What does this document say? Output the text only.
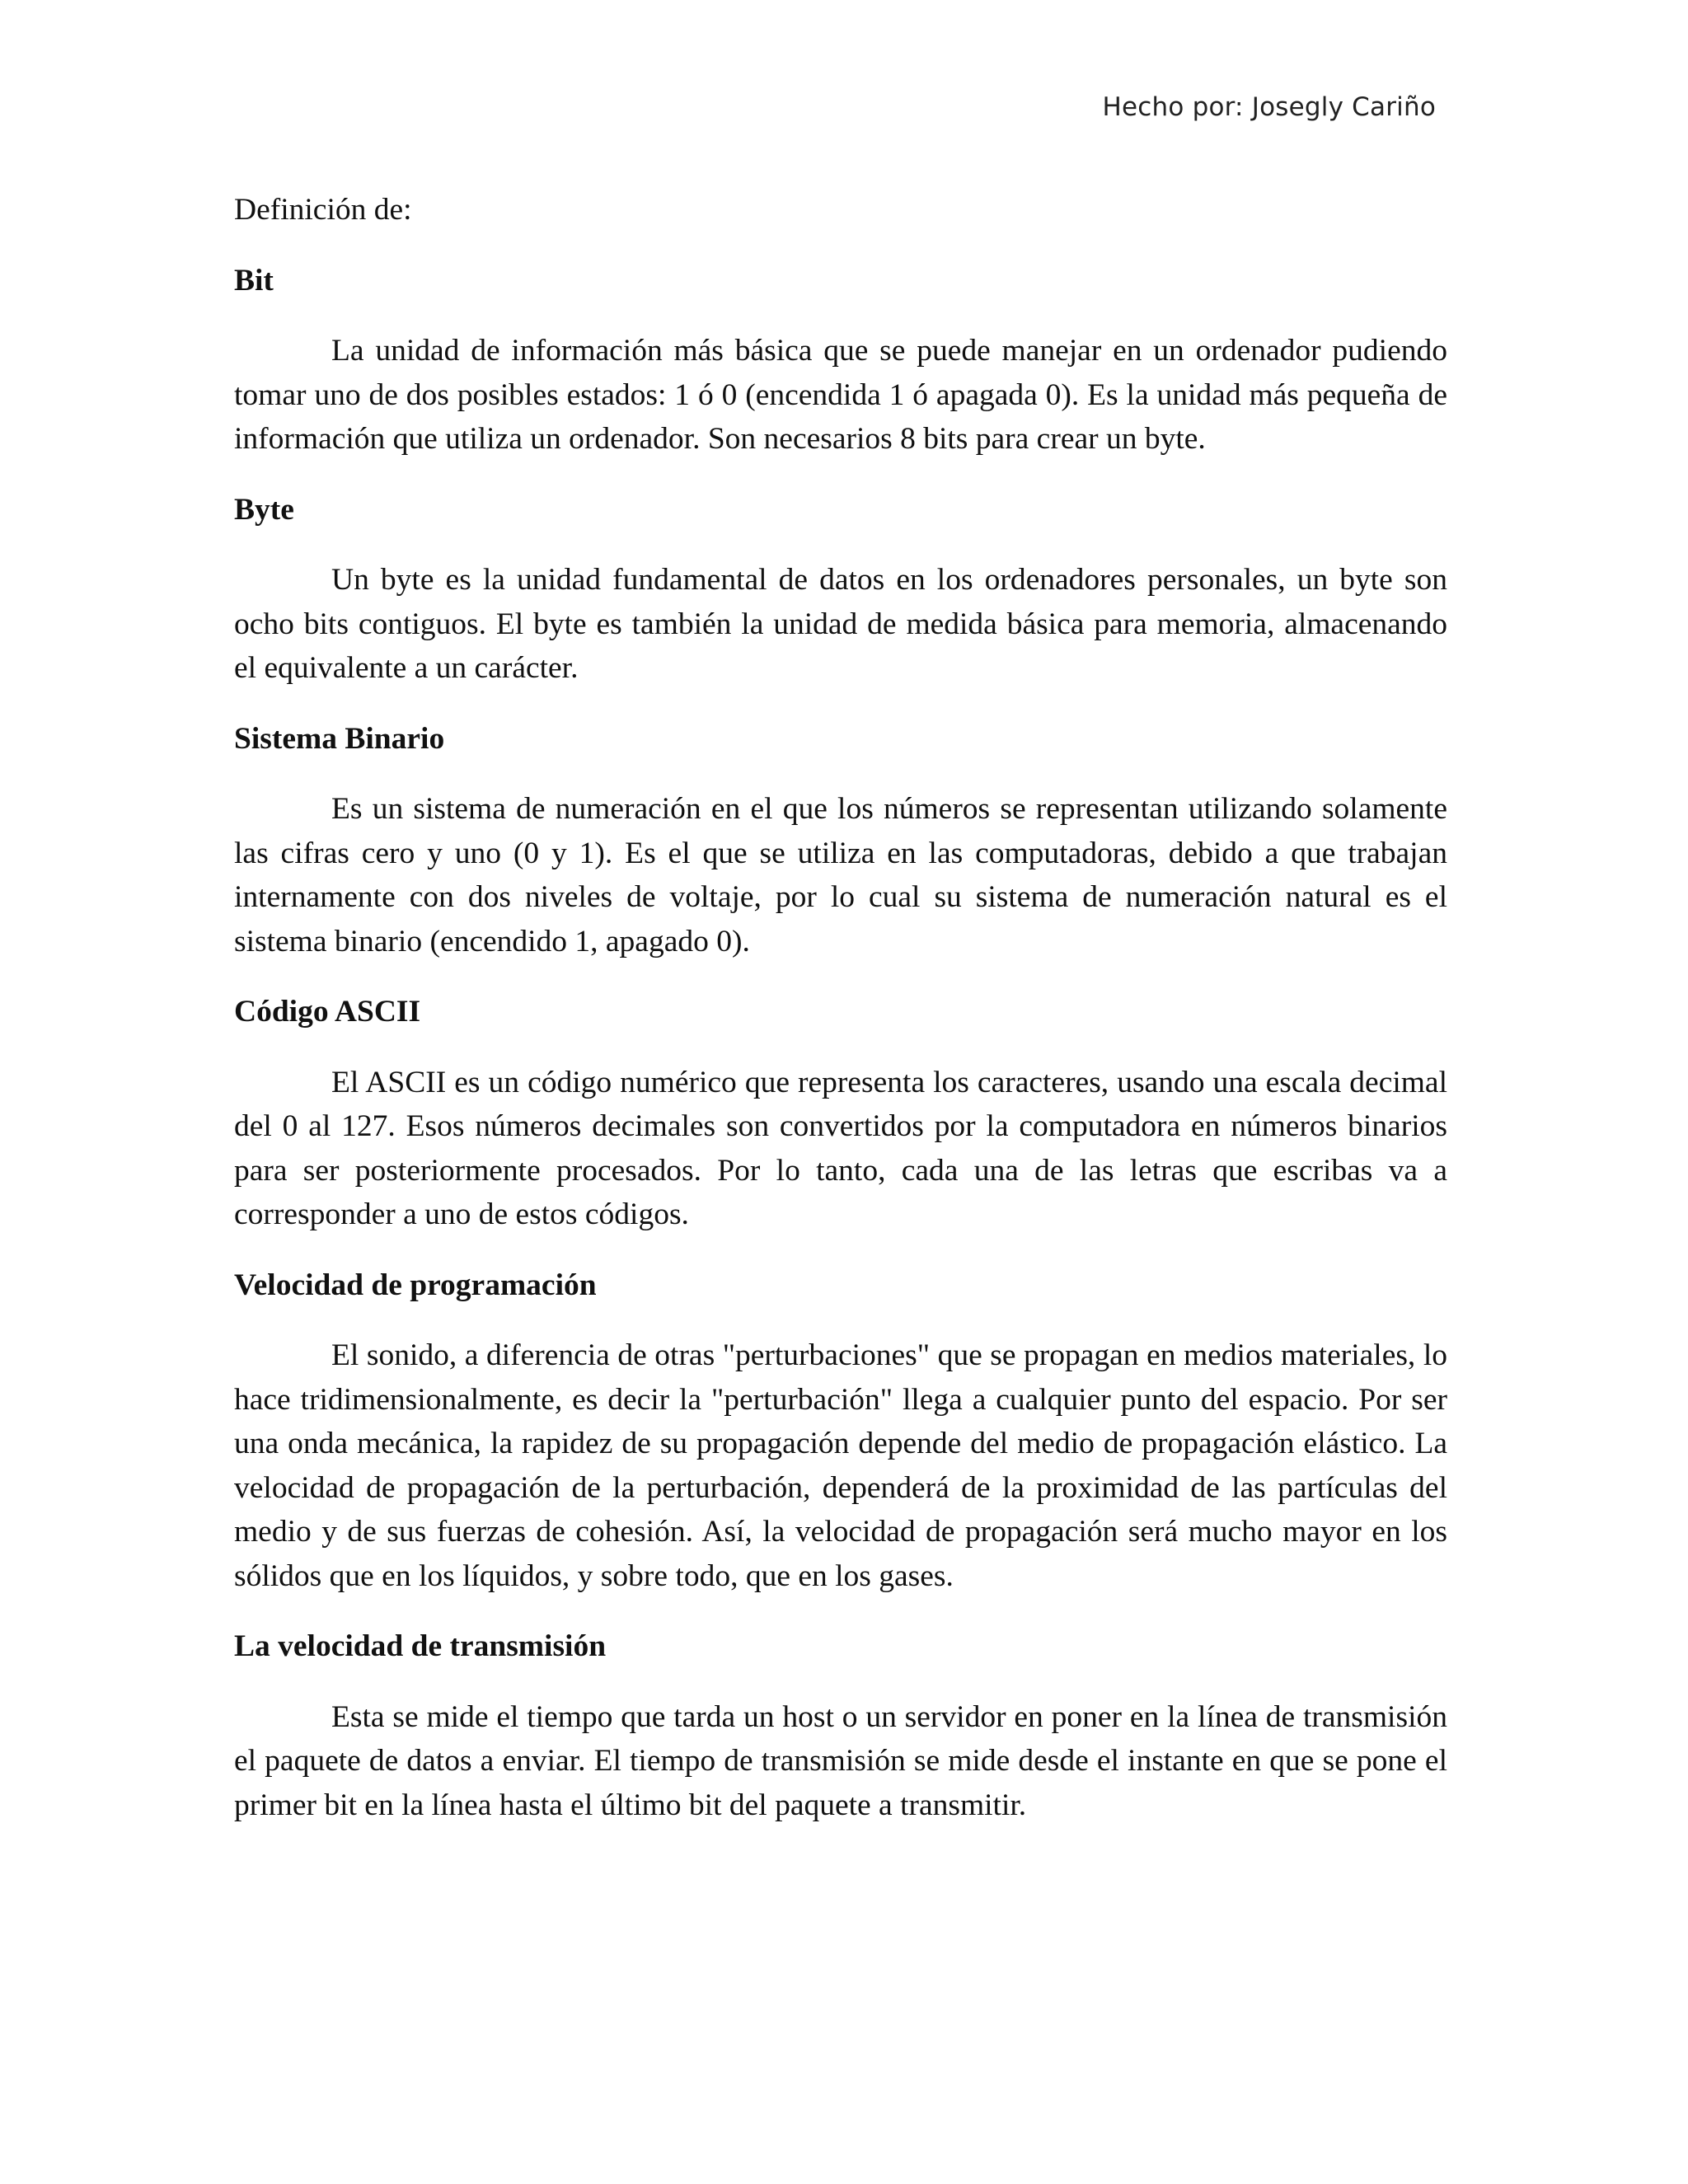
Hecho por: Josegly Cariño

Definición de:

Bit

La unidad de información más básica que se puede manejar en un ordenador pudiendo tomar uno de dos posibles estados: 1 ó 0 (encendida 1 ó apagada 0). Es la unidad más pequeña de información que utiliza un ordenador. Son necesarios 8 bits para crear un byte.

Byte

Un byte es la unidad fundamental de datos en los ordenadores personales, un byte son ocho bits contiguos. El byte es también la unidad de medida básica para memoria, almacenando el equivalente a un carácter.

Sistema Binario

Es un sistema de numeración en el que los números se representan utilizando solamente las cifras cero y uno (0 y 1). Es el que se utiliza en las computadoras, debido a que trabajan internamente con dos niveles de voltaje, por lo cual su sistema de numeración natural es el sistema binario (encendido 1, apagado 0).

Código ASCII

El ASCII es un código numérico que representa los caracteres, usando una escala decimal del 0 al 127. Esos números decimales son convertidos por la computadora en números binarios para ser posteriormente procesados. Por lo tanto, cada una de las letras que escribas va a corresponder a uno de estos códigos.

Velocidad de programación

El sonido, a diferencia de otras "perturbaciones" que se propagan en medios materiales, lo hace tridimensionalmente, es decir la "perturbación" llega a cualquier punto del espacio. Por ser una onda mecánica, la rapidez de su propagación depende del medio de propagación elástico. La velocidad de propagación de la perturbación, dependerá de la proximidad de las partículas del medio y de sus fuerzas de cohesión. Así, la velocidad de propagación será mucho mayor en los sólidos que en los líquidos, y sobre todo, que en los gases.

La velocidad de transmisión

Esta se mide el tiempo que tarda un host o un servidor en poner en la línea de transmisión el paquete de datos a enviar. El tiempo de transmisión se mide desde el instante en que se pone el primer bit en la línea hasta el último bit del paquete a transmitir.
